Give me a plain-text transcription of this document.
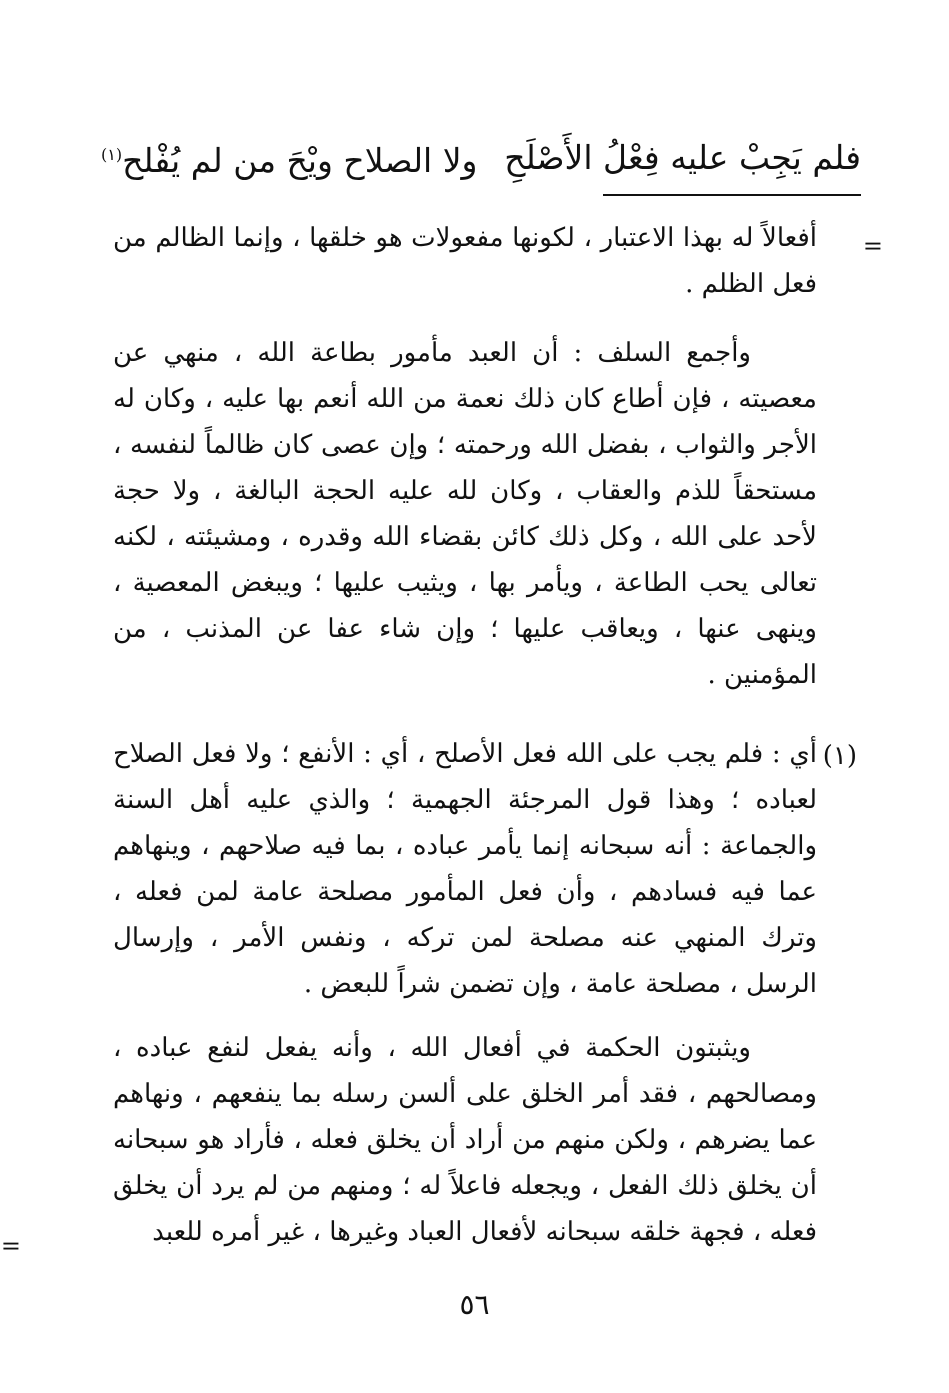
فلم يَجِبْ عليه فِعْلُ الأَصْلَحِ
ولا الصلاح ويْحَ من لم يُفْلح$^{(١)}$
=

أفعالاً له بهذا الاعتبار ، لكونها مفعولات هو خلقها ، وإنما الظالم من فعل الظلم .

وأجمع السلف : أن العبد مأمور بطاعة الله ، منهي عن معصيته ، فإن أطاع كان ذلك نعمة من الله أنعم بها عليه ، وكان له الأجر والثواب ، بفضل الله ورحمته ؛ وإن عصى كان ظالماً لنفسه ، مستحقاً للذم والعقاب ، وكان لله عليه الحجة البالغة ، ولا حجة لأحد على الله ، وكل ذلك كائن بقضاء الله وقدره ، ومشيئته ، لكنه تعالى يحب الطاعة ، ويأمر بها ، ويثيب عليها ؛ ويبغض المعصية ، وينهى عنها ، ويعاقب عليها ؛ وإن شاء عفا عن المذنب ، من المؤمنين .

(١)

أي : فلم يجب على الله فعل الأصلح ، أي : الأنفع ؛ ولا فعل الصلاح لعباده ؛ وهذا قول المرجئة الجهمية ؛ والذي عليه أهل السنة والجماعة : أنه سبحانه إنما يأمر عباده ، بما فيه صلاحهم ، وينهاهم عما فيه فسادهم ، وأن فعل المأمور مصلحة عامة لمن فعله ، وترك المنهي عنه مصلحة لمن تركه ، ونفس الأمر ، وإرسال الرسل ، مصلحة عامة ، وإن تضمن شراً للبعض .

ويثبتون الحكمة في أفعال الله ، وأنه يفعل لنفع عباده ، ومصالحهم ، فقد أمر الخلق على ألسن رسله بما ينفعهم ، ونهاهم عما يضرهم ، ولكن منهم من أراد أن يخلق فعله ، فأراد هو سبحانه أن يخلق ذلك الفعل ، ويجعله فاعلاً له ؛ ومنهم من لم يرد أن يخلق فعله ، فجهة خلقه سبحانه لأفعال العباد وغيرها ، غير أمره للعبد

=
٥٦
